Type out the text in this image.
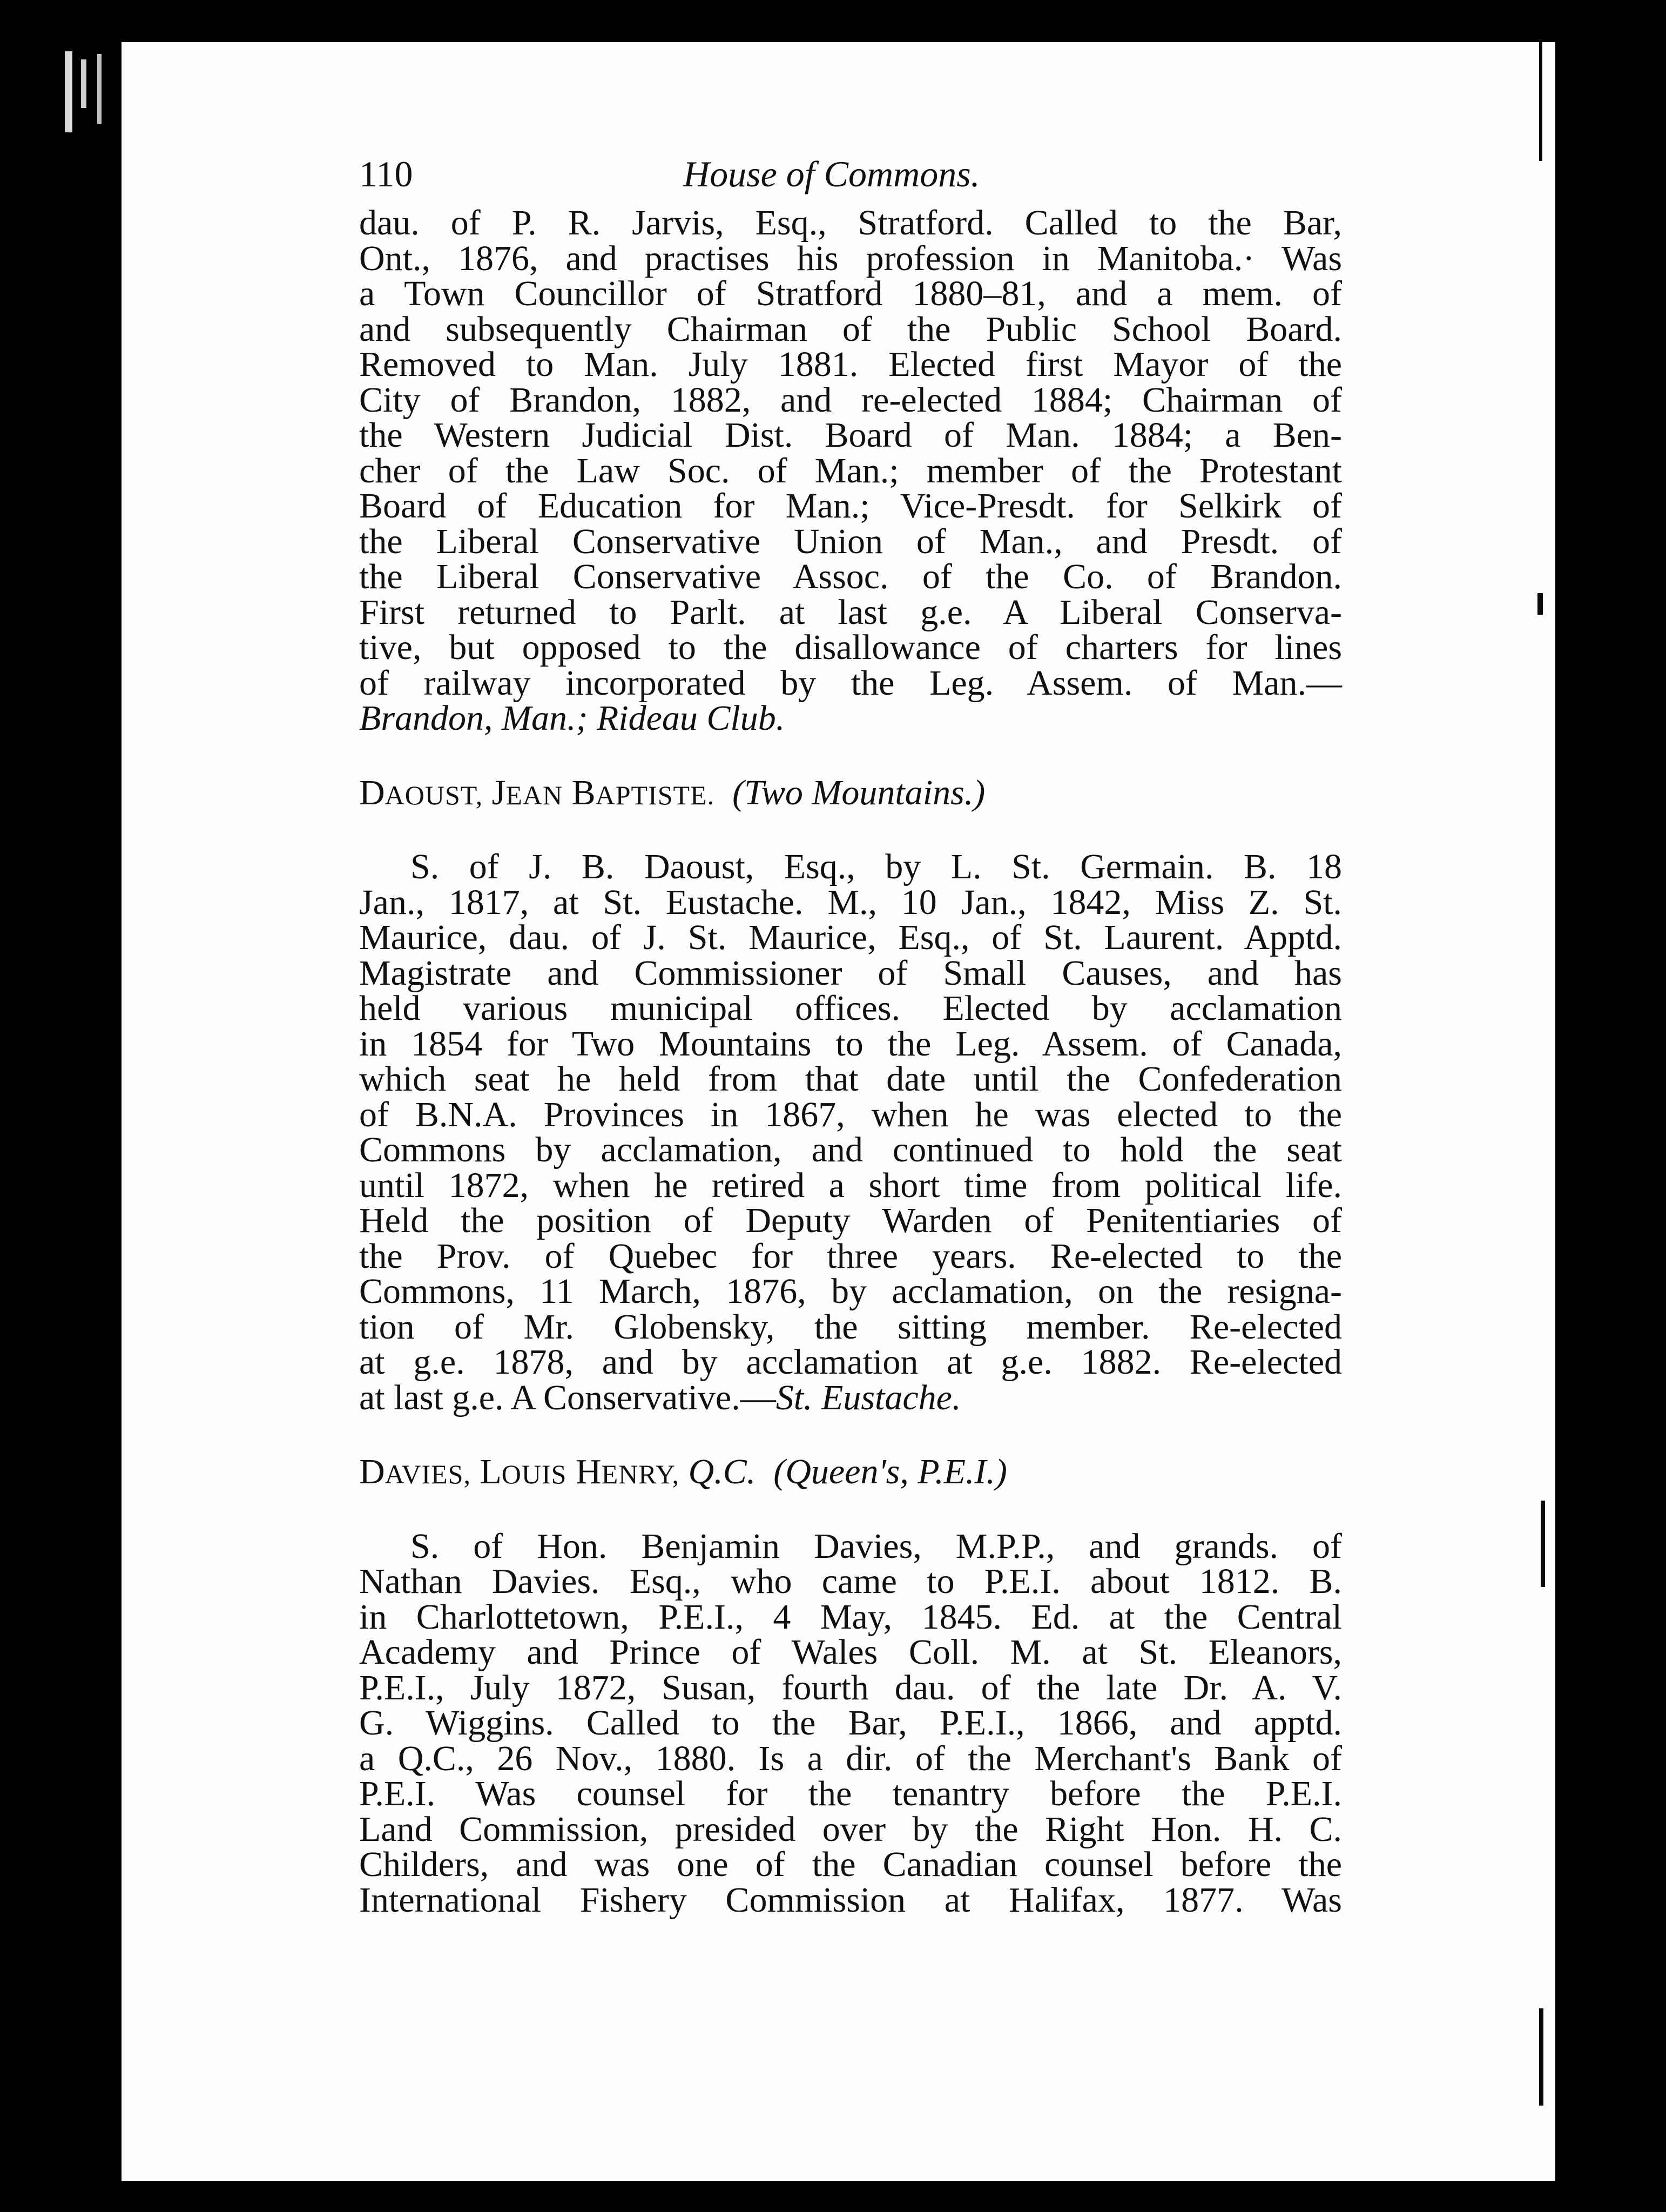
110	House of Commons.
dau. of P. R. Jarvis, Esq., Stratford. Called to the Bar,
Ont., 1876, and practises his profession in Manitoba.· Was
a Town Councillor of Stratford 1880–81, and a mem. of
and subsequently Chairman of the Public School Board.
Removed to Man. July 1881. Elected first Mayor of the
City of Brandon, 1882, and re-elected 1884; Chairman of
the Western Judicial Dist. Board of Man. 1884; a Ben-
cher of the Law Soc. of Man.; member of the Protestant
Board of Education for Man.; Vice-Presdt. for Selkirk of
the Liberal Conservative Union of Man., and Presdt. of
the Liberal Conservative Assoc. of the Co. of Brandon.
First returned to Parlt. at last g.e. A Liberal Conserva-
tive, but opposed to the disallowance of charters for lines
of railway incorporated by the Leg. Assem. of Man.—
Brandon, Man.; Rideau Club.
DAOUST, JEAN BAPTISTE. (Two Mountains.)
S. of J. B. Daoust, Esq., by L. St. Germain. B. 18
Jan., 1817, at St. Eustache. M., 10 Jan., 1842, Miss Z. St.
Maurice, dau. of J. St. Maurice, Esq., of St. Laurent. Apptd.
Magistrate and Commissioner of Small Causes, and has
held various municipal offices. Elected by acclamation
in 1854 for Two Mountains to the Leg. Assem. of Canada,
which seat he held from that date until the Confederation
of B.N.A. Provinces in 1867, when he was elected to the
Commons by acclamation, and continued to hold the seat
until 1872, when he retired a short time from political life.
Held the position of Deputy Warden of Penitentiaries of
the Prov. of Quebec for three years. Re-elected to the
Commons, 11 March, 1876, by acclamation, on the resigna-
tion of Mr. Globensky, the sitting member. Re-elected
at g.e. 1878, and by acclamation at g.e. 1882. Re-elected
at last g.e. A Conservative.—St. Eustache.
DAVIES, LOUIS HENRY, Q.C. (Queen's, P.E.I.)
S. of Hon. Benjamin Davies, M.P.P., and grands. of
Nathan Davies. Esq., who came to P.E.I. about 1812. B.
in Charlottetown, P.E.I., 4 May, 1845. Ed. at the Central
Academy and Prince of Wales Coll. M. at St. Eleanors,
P.E.I., July 1872, Susan, fourth dau. of the late Dr. A. V.
G. Wiggins. Called to the Bar, P.E.I., 1866, and apptd.
a Q.C., 26 Nov., 1880. Is a dir. of the Merchant's Bank of
P.E.I. Was counsel for the tenantry before the P.E.I.
Land Commission, presided over by the Right Hon. H. C.
Childers, and was one of the Canadian counsel before the
International Fishery Commission at Halifax, 1877. Was
